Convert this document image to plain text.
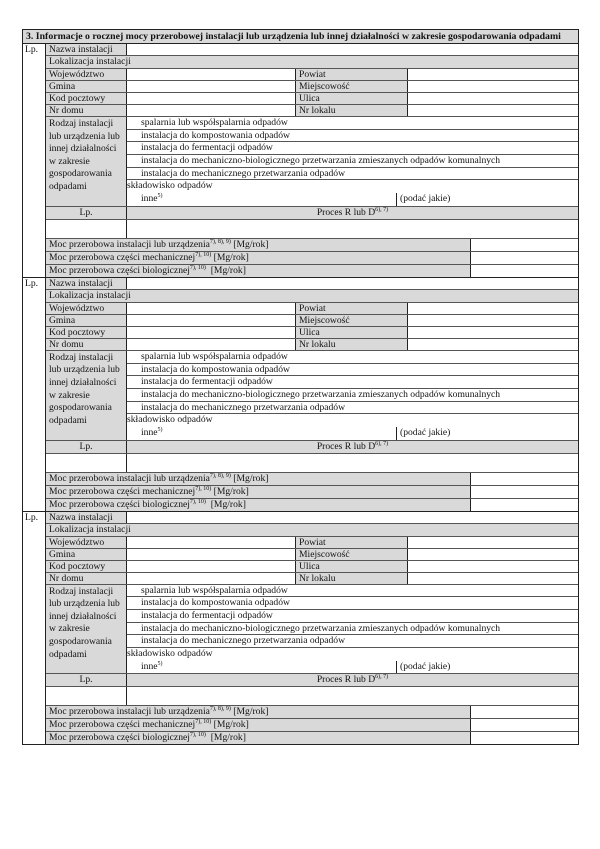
3. Informacje o rocznej mocy przerobowej instalacji lub urządzenia lub innej działalności w zakresie gospodarowania odpadami
Lp.	Nazwa instalacji
Lokalizacja instalacji
Województwo	Powiat
Gmina	Miejscowość
Kod pocztowy	Ulica
Nr domu	Nr lokalu
Rodzaj instalacji lub urządzenia lub innej działalności w zakresie gospodarowania odpadami
spalarnia lub współspalarnia odpadów
instalacja do kompostowania odpadów
instalacja do fermentacji odpadów
instalacja do mechaniczno-biologicznego przetwarzania zmieszanych odpadów komunalnych
instalacja do mechanicznego przetwarzania odpadów
składowisko odpadów
inne$^{5)}$	(podać jakie)
Lp.	Proces R lub $D^{6), 7)}$
Moc przerobowa instalacji lub urządzenia$^{7), 8), 9)}$ [Mg/rok]
Moc przerobowa części mechanicznej$^{7), 10)}$ [Mg/rok]
Moc przerobowa części biologicznej$^{7), 10)}$  [Mg/rok]
Lp.	Nazwa instalacji
Lokalizacja instalacji
Województwo	Powiat
Gmina	Miejscowość
Kod pocztowy	Ulica
Nr domu	Nr lokalu
Rodzaj instalacji lub urządzenia lub innej działalności w zakresie gospodarowania odpadami
spalarnia lub współspalarnia odpadów
instalacja do kompostowania odpadów
instalacja do fermentacji odpadów
instalacja do mechaniczno-biologicznego przetwarzania zmieszanych odpadów komunalnych
instalacja do mechanicznego przetwarzania odpadów
składowisko odpadów
inne$^{5)}$	(podać jakie)
Lp.	Proces R lub $D^{6), 7)}$
Moc przerobowa instalacji lub urządzenia$^{7), 8), 9)}$ [Mg/rok]
Moc przerobowa części mechanicznej$^{7), 10)}$ [Mg/rok]
Moc przerobowa części biologicznej$^{7), 10)}$  [Mg/rok]
Lp.	Nazwa instalacji
Lokalizacja instalacji
Województwo	Powiat
Gmina	Miejscowość
Kod pocztowy	Ulica
Nr domu	Nr lokalu
Rodzaj instalacji lub urządzenia lub innej działalności w zakresie gospodarowania odpadami
spalarnia lub współspalarnia odpadów
instalacja do kompostowania odpadów
instalacja do fermentacji odpadów
instalacja do mechaniczno-biologicznego przetwarzania zmieszanych odpadów komunalnych
instalacja do mechanicznego przetwarzania odpadów
składowisko odpadów
inne$^{5)}$	(podać jakie)
Lp.	Proces R lub $D^{6), 7)}$
Moc przerobowa instalacji lub urządzenia$^{7), 8), 9)}$ [Mg/rok]
Moc przerobowa części mechanicznej$^{7), 10)}$ [Mg/rok]
Moc przerobowa części biologicznej$^{7), 10)}$  [Mg/rok]
